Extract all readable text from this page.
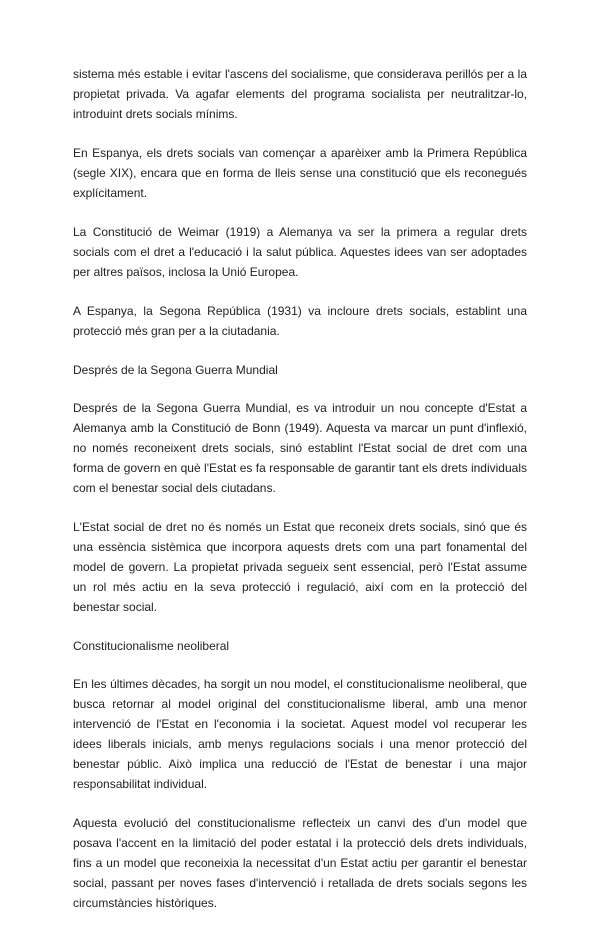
sistema més estable i evitar l'ascens del socialisme, que considerava perillós per a la propietat privada. Va agafar elements del programa socialista per neutralitzar-lo, introduint drets socials mínims.

En Espanya, els drets socials van començar a aparèixer amb la Primera República (segle XIX), encara que en forma de lleis sense una constitució que els reconegués explícitament.

La Constitució de Weimar (1919) a Alemanya va ser la primera a regular drets socials com el dret a l'educació i la salut pública. Aquestes idees van ser adoptades per altres països, inclosa la Unió Europea.

A Espanya, la Segona República (1931) va incloure drets socials, establint una protecció més gran per a la ciutadania.

Després de la Segona Guerra Mundial

Després de la Segona Guerra Mundial, es va introduir un nou concepte d'Estat a Alemanya amb la Constitució de Bonn (1949). Aquesta va marcar un punt d'inflexió, no només reconeixent drets socials, sinó establint l'Estat social de dret com una forma de govern en què l'Estat es fa responsable de garantir tant els drets individuals com el benestar social dels ciutadans.

L'Estat social de dret no és només un Estat que reconeix drets socials, sinó que és una essència sistèmica que incorpora aquests drets com una part fonamental del model de govern. La propietat privada segueix sent essencial, però l'Estat assume un rol més actiu en la seva protecció i regulació, així com en la protecció del benestar social.

Constitucionalisme neoliberal

En les últimes dècades, ha sorgit un nou model, el constitucionalisme neoliberal, que busca retornar al model original del constitucionalisme liberal, amb una menor intervenció de l'Estat en l'economia i la societat. Aquest model vol recuperar les idees liberals inicials, amb menys regulacions socials i una menor protecció del benestar públic. Això implica una reducció de l'Estat de benestar i una major responsabilitat individual.

Aquesta evolució del constitucionalisme reflecteix un canvi des d'un model que posava l'accent en la limitació del poder estatal i la protecció dels drets individuals, fins a un model que reconeixia la necessitat d'un Estat actiu per garantir el benestar social, passant per noves fases d'intervenció i retallada de drets socials segons les circumstàncies històriques.
